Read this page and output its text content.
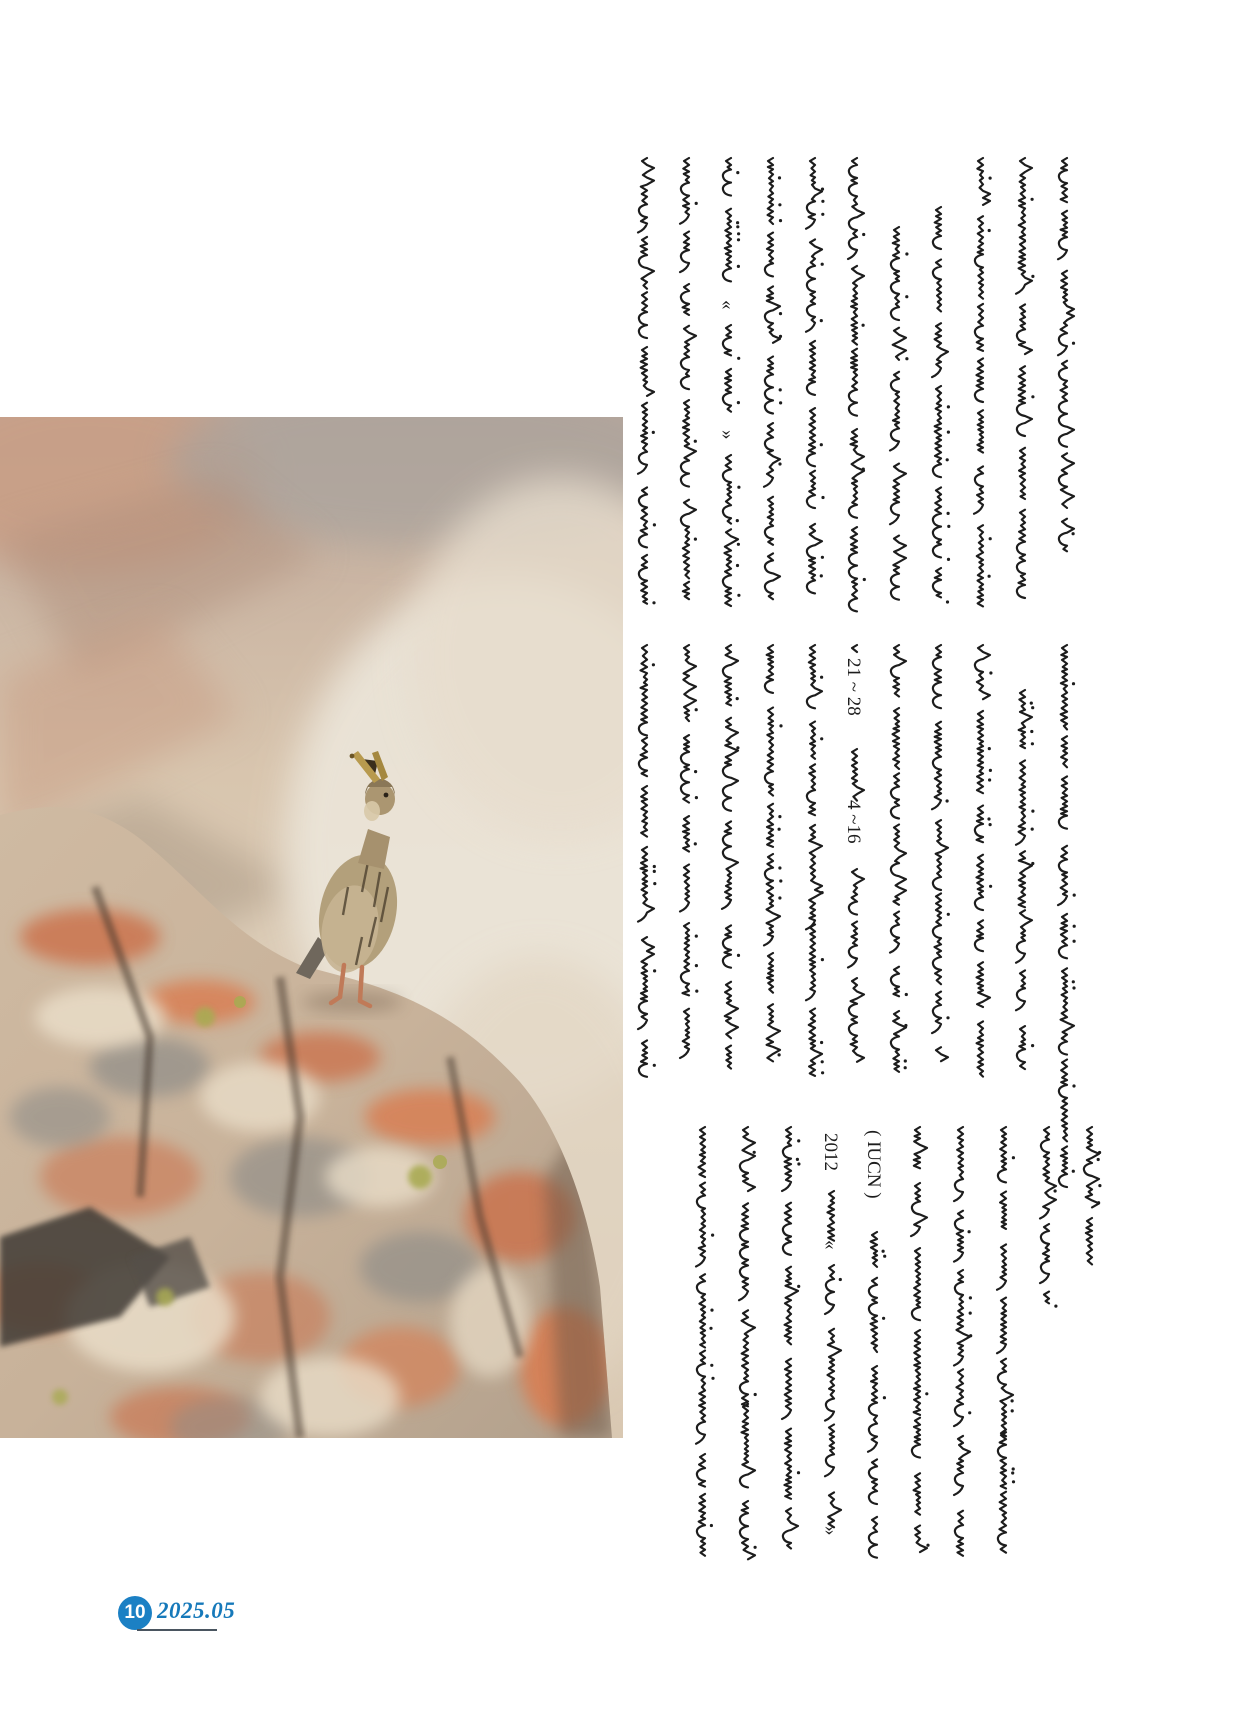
«
»
21 ~ 28
4 ~16
2012
«
»
( IUCN )
10 2025.05
